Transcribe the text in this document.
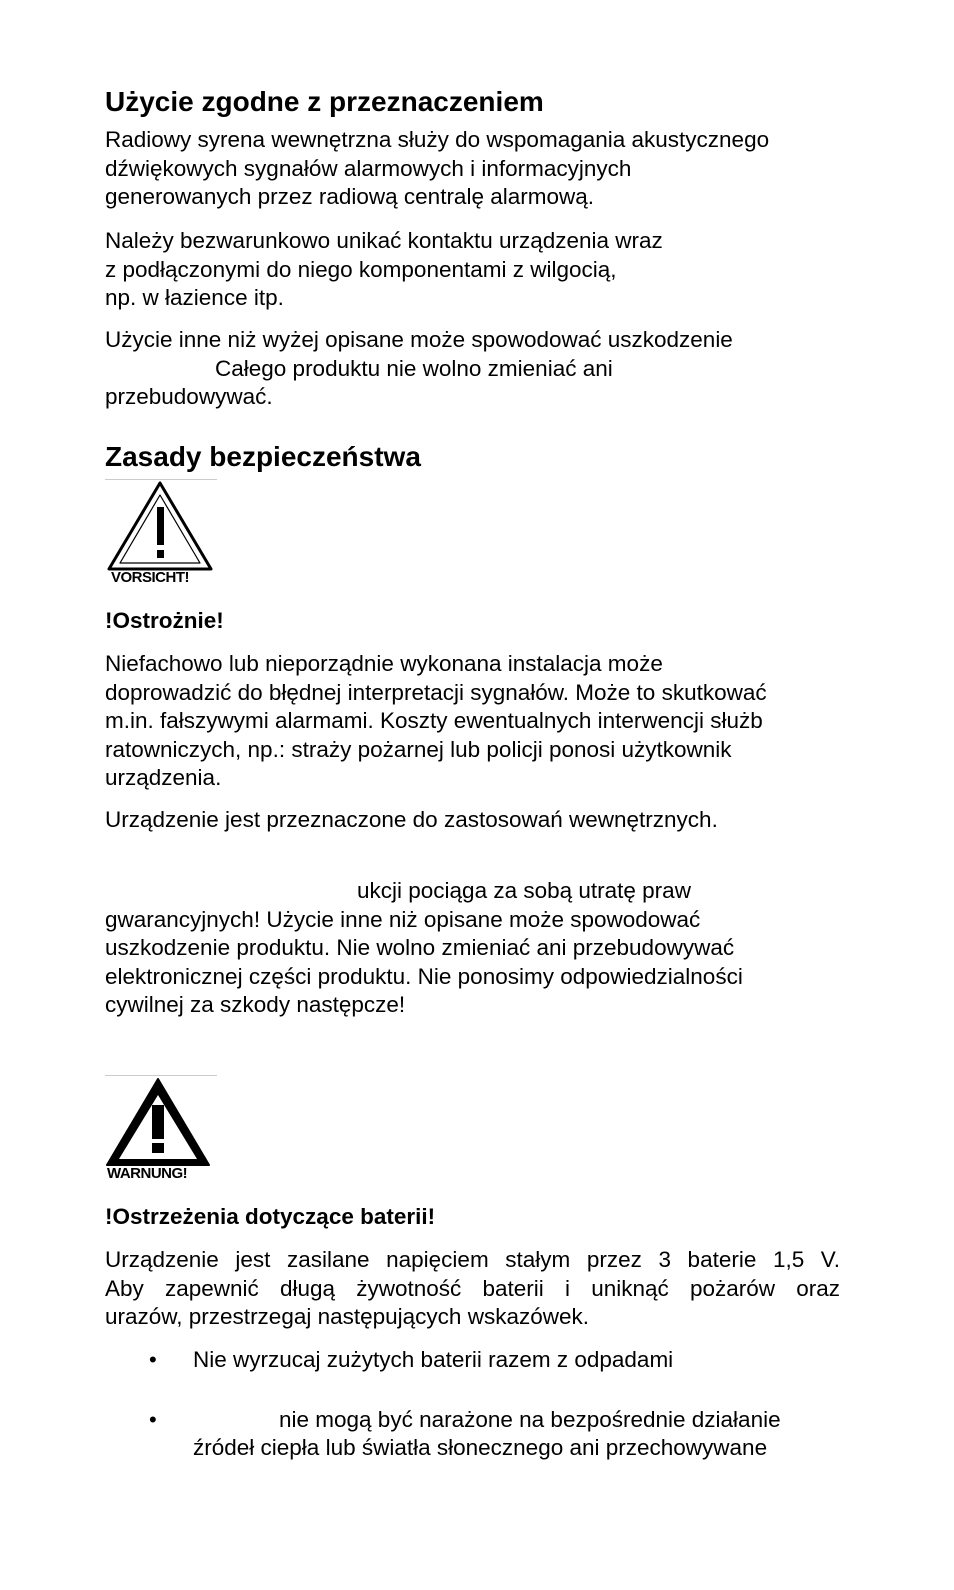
Użycie zgodne z przeznaczeniem

Radiowy syrena wewnętrzna służy do wspomagania akustycznego

dźwiękowych sygnałów alarmowych i informacyjnych

generowanych przez radiową centralę alarmową.

Należy bezwarunkowo unikać kontaktu urządzenia wraz

z podłączonymi do niego komponentami z wilgocią,

np. w łazience itp.

Użycie inne niż wyżej opisane może spowodować uszkodzenie

Całego produktu nie wolno zmieniać ani

przebudowywać.

Zasady bezpieczeństwa
VORSICHT!

!Ostrożnie!

Niefachowo lub nieporządnie wykonana instalacja może

doprowadzić do błędnej interpretacji sygnałów. Może to skutkować

m.in. fałszywymi alarmami. Koszty ewentualnych interwencji służb

ratowniczych, np.: straży pożarnej lub policji ponosi użytkownik

urządzenia.

Urządzenie jest przeznaczone do zastosowań wewnętrznych.

ukcji pociąga za sobą utratę praw

gwarancyjnych! Użycie inne niż opisane może spowodować

uszkodzenie produktu. Nie wolno zmieniać ani przebudowywać

elektronicznej części produktu. Nie ponosimy odpowiedzialności

cywilnej za szkody następcze!

WARNUNG!

!Ostrzeżenia dotyczące baterii!

Urządzenie jest zasilane napięciem stałym przez 3 baterie 1,5 V.

Aby zapewnić długą żywotność baterii i uniknąć pożarów oraz

urazów, przestrzegaj następujących wskazówek.

• Nie wyrzucaj zużytych baterii razem z odpadami
•	nie mogą być narażone na bezpośrednie działanie
źródeł ciepła lub światła słonecznego ani przechowywane
